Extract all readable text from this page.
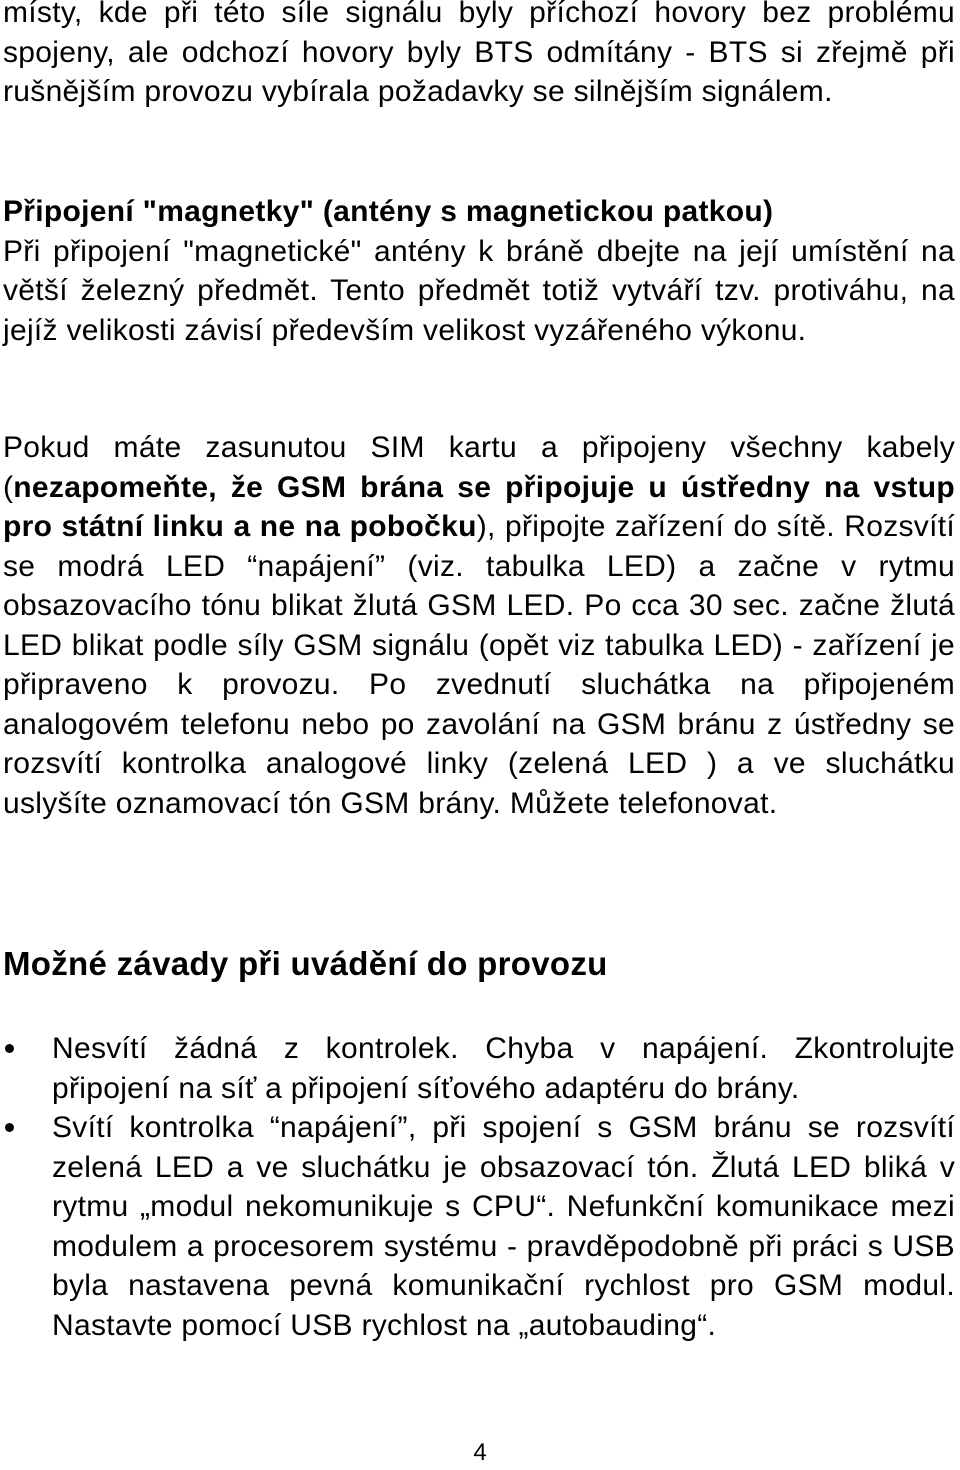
místy, kde při této síle signálu byly příchozí hovory bez problému spojeny, ale odchozí hovory byly BTS odmítány - BTS si zřejmě při rušnějším provozu vybírala požadavky se silnějším signálem.

Připojení "magnetky" (antény s magnetickou patkou)
Při připojení "magnetické" antény k bráně dbejte na její umístění na větší železný předmět. Tento předmět totiž vytváří tzv. protiváhu, na jejíž velikosti závisí především velikost vyzářeného výkonu.

Pokud máte zasunutou SIM kartu a připojeny všechny kabely (nezapomeňte, že GSM brána se připojuje u ústředny na vstup pro státní linku a ne na pobočku), připojte zařízení do sítě. Rozsvítí se modrá LED “napájení” (viz. tabulka LED) a začne v rytmu obsazovacího tónu blikat žlutá GSM LED. Po cca 30 sec. začne žlutá LED blikat podle síly GSM signálu (opět viz tabulka LED) - zařízení je připraveno k provozu. Po zvednutí sluchátka na připojeném analogovém telefonu nebo po zavolání na GSM bránu z ústředny se rozsvítí kontrolka analogové linky (zelená LED ) a ve sluchátku uslyšíte oznamovací tón GSM brány. Můžete telefonovat.

Možné závady při uvádění do provozu
Nesvítí žádná z kontrolek. Chyba v napájení. Zkontrolujte připojení na síť a připojení síťového adaptéru do brány.
Svítí kontrolka “napájení”, při spojení s GSM bránu se rozsvítí zelená LED a ve sluchátku je obsazovací tón. Žlutá LED bliká v rytmu „modul nekomunikuje s CPU“. Nefunkční komunikace mezi modulem a procesorem systému - pravděpodobně při práci s USB byla nastavena pevná komunikační rychlost pro GSM modul. Nastavte pomocí USB rychlost na „autobauding“.
4
